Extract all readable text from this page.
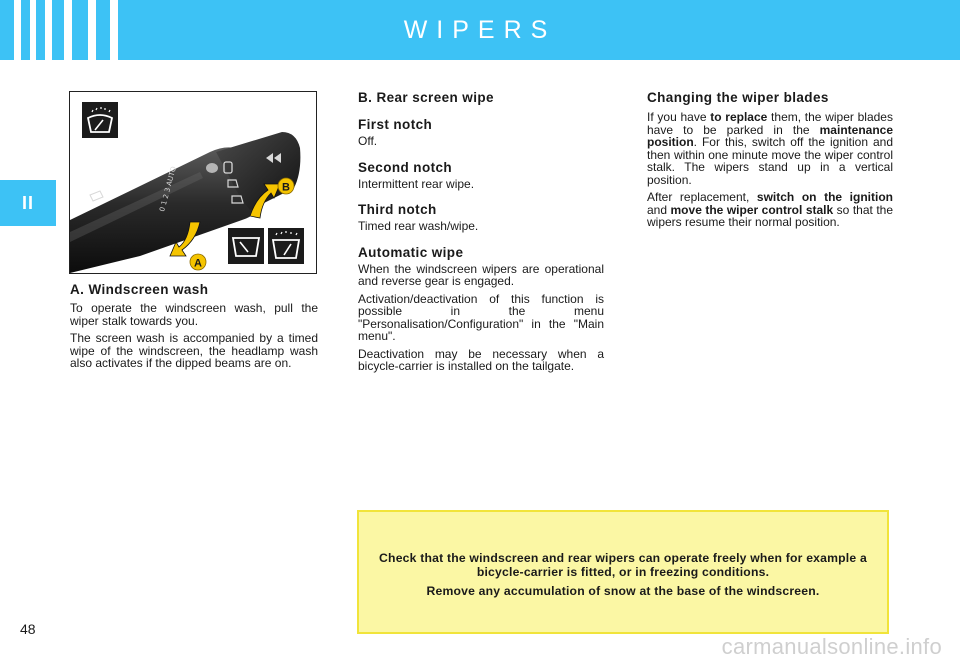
WIPERS
II	0 1 2 3 AUTO	B
A
A. Windscreen wash

To operate the windscreen wash, pull the wiper stalk towards you.

The screen wash is accompanied by a timed wipe of the windscreen, the headlamp wash also activates if the dipped beams are on.

B. Rear screen wipe
First notch

Off.

Second notch

Intermittent rear wipe.

Third notch

Timed rear wash/wipe.

Automatic wipe

When the windscreen wipers are operational and reverse gear is engaged.

Activation/deactivation of this function is possible in the menu "Personalisation/Configuration" in the "Main menu".

Deactivation may be necessary when a bicycle-carrier is installed on the tailgate.

Changing the wiper blades

If you have to replace them, the wiper blades have to be parked in the maintenance position. For this, switch off the ignition and then within one minute move the wiper control stalk. The wipers stand up in a vertical position.

After replacement, switch on the ignition and move the wiper control stalk so that the wipers resume their normal position.

Check that the windscreen and rear wipers can operate freely when for example a bicycle-carrier is fitted, or in freezing conditions.

Remove any accumulation of snow at the base of the windscreen.

48
carmanualsonline.info
